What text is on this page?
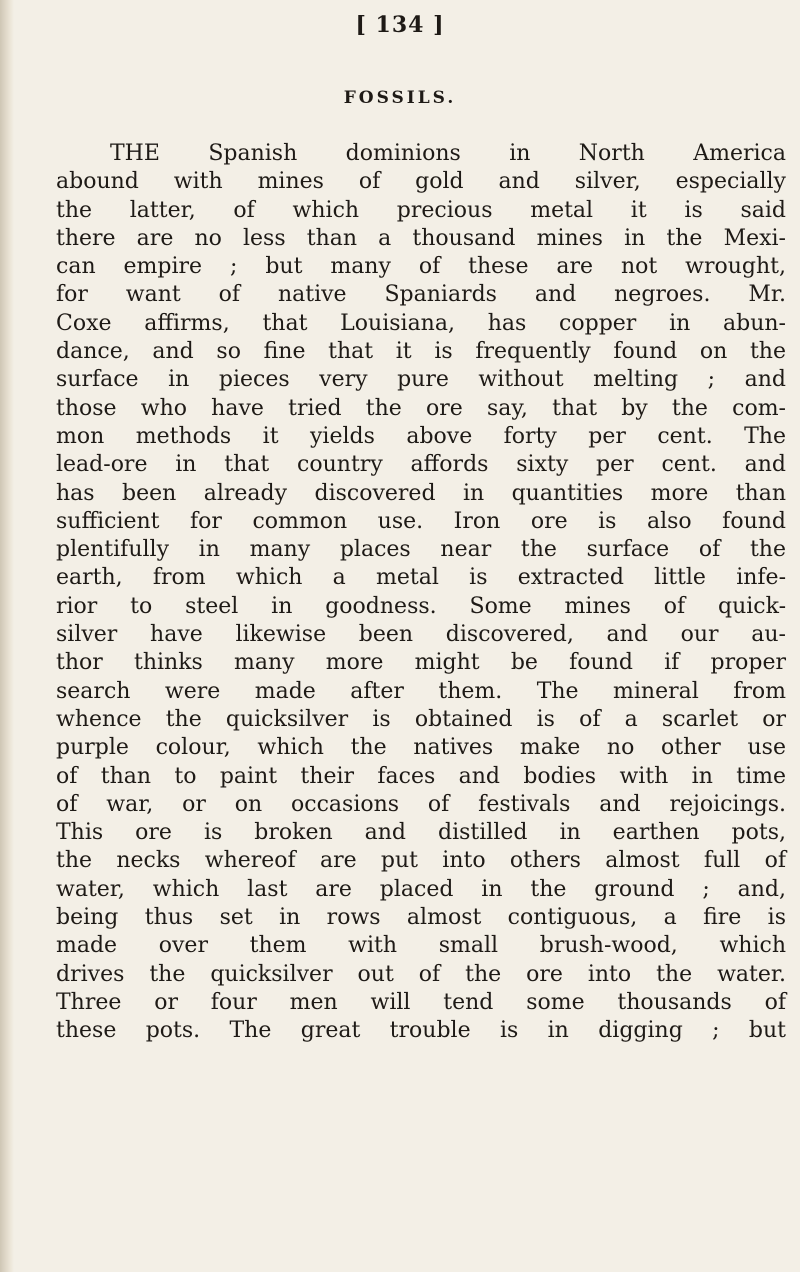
[ 134 ]
FOSSILS.
THE Spanish dominions in North America
abound with mines of gold and silver, especially
the latter, of which precious metal it is said
there are no less than a thousand mines in the Mexi-
can empire ; but many of these are not wrought,
for want of native Spaniards and negroes. Mr.
Coxe affirms, that Louisiana, has copper in abun-
dance, and so fine that it is frequently found on the
surface in pieces very pure without melting ; and
those who have tried the ore say, that by the com-
mon methods it yields above forty per cent. The
lead-ore in that country affords sixty per cent. and
has been already discovered in quantities more than
sufficient for common use. Iron ore is also found
plentifully in many places near the surface of the
earth, from which a metal is extracted little infe-
rior to steel in goodness. Some mines of quick-
silver have likewise been discovered, and our au-
thor thinks many more might be found if proper
search were made after them. The mineral from
whence the quicksilver is obtained is of a scarlet or
purple colour, which the natives make no other use
of than to paint their faces and bodies with in time
of war, or on occasions of festivals and rejoicings.
This ore is broken and distilled in earthen pots,
the necks whereof are put into others almost full of
water, which last are placed in the ground ; and,
being thus set in rows almost contiguous, a fire is
made over them with small brush-wood, which
drives the quicksilver out of the ore into the water.
Three or four men will tend some thousands of
these pots. The great trouble is in digging ; but
